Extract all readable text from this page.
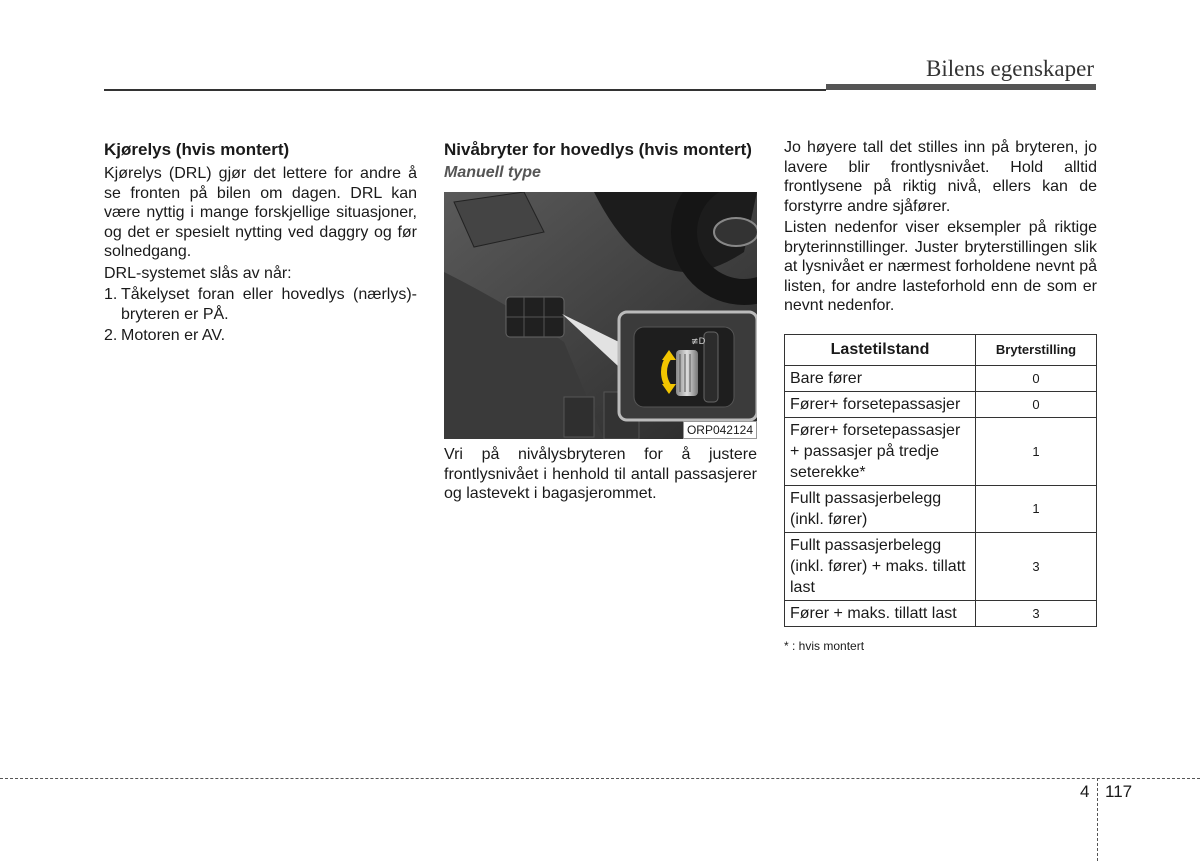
Bilens egenskaper
Kjørelys (hvis montert)

Kjørelys (DRL) gjør det lettere for andre å se fronten på bilen om dagen. DRL kan være nyttig i mange forskjellige situasjoner, og det er spesielt nytting ved daggry og før solnedgang.

DRL-systemet slås av når:

1. Tåkelyset foran eller hovedlys (nærlys)-bryteren er PÅ.
2. Motoren er AV.
Nivåbryter for hovedlys (hvis montert)
Manuell type
≢D
ORP042124

Vri på nivålysbryteren for å justere frontlysnivået i henhold til antall passasjerer og lastevekt i bagasjerommet.

Jo høyere tall det stilles inn på bryteren, jo lavere blir frontlysnivået. Hold alltid frontlysene på riktig nivå, ellers kan de forstyrre andre sjåfører.

Listen nedenfor viser eksempler på riktige bryterinnstillinger. Juster bryterstillingen slik at lysnivået er nærmest forholdene nevnt på listen, for andre lasteforhold enn de som er nevnt nedenfor.

Lastetilstand	Bryterstilling
Bare fører	0
Fører+ forsetepassasjer	0
Fører+ forsetepassasjer + passasjer på tredje seterekke*	1
Fullt passasjerbelegg (inkl. fører)	1
Fullt passasjerbelegg (inkl. fører) + maks. tillatt last	3
Fører + maks. tillatt last	3
* : hvis montert
4 117
